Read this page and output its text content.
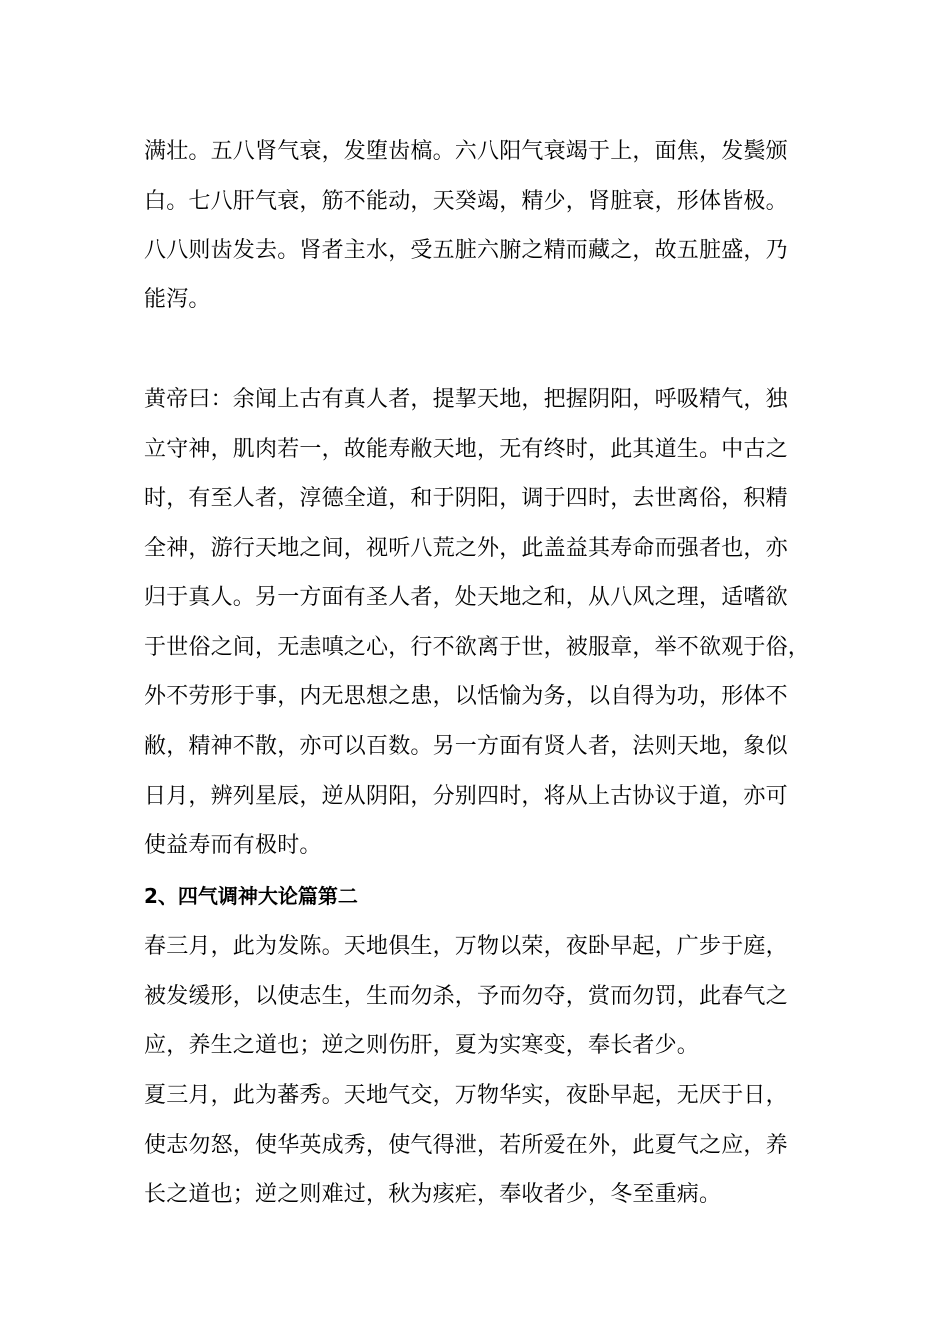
满壮。五八肾气衰，发堕齿槁。六八阳气衰竭于上，面焦，发鬓颁
白。七八肝气衰，筋不能动，天癸竭，精少，肾脏衰，形体皆极。
八八则齿发去。肾者主水，受五脏六腑之精而藏之，故五脏盛，乃
能泻。
黄帝曰：余闻上古有真人者，提挈天地，把握阴阳，呼吸精气，独
立守神，肌肉若一，故能寿敝天地，无有终时，此其道生。中古之
时，有至人者，淳德全道，和于阴阳，调于四时，去世离俗，积精
全神，游行天地之间，视听八荒之外，此盖益其寿命而强者也，亦
归于真人。另一方面有圣人者，处天地之和，从八风之理，适嗜欲
于世俗之间，无恚嗔之心，行不欲离于世，被服章，举不欲观于俗，
外不劳形于事，内无思想之患，以恬愉为务，以自得为功，形体不
敝，精神不散，亦可以百数。另一方面有贤人者，法则天地，象似
日月，辨列星辰，逆从阴阳，分别四时，将从上古协议于道，亦可
使益寿而有极时。
2、四气调神大论篇第二
春三月，此为发陈。天地俱生，万物以荣，夜卧早起，广步于庭，
被发缓形，以使志生，生而勿杀，予而勿夺，赏而勿罚，此春气之
应，养生之道也；逆之则伤肝，夏为实寒变，奉长者少。
夏三月，此为蕃秀。天地气交，万物华实，夜卧早起，无厌于日，
使志勿怒，使华英成秀，使气得泄，若所爱在外，此夏气之应，养
长之道也；逆之则难过，秋为痎疟，奉收者少，冬至重病。
